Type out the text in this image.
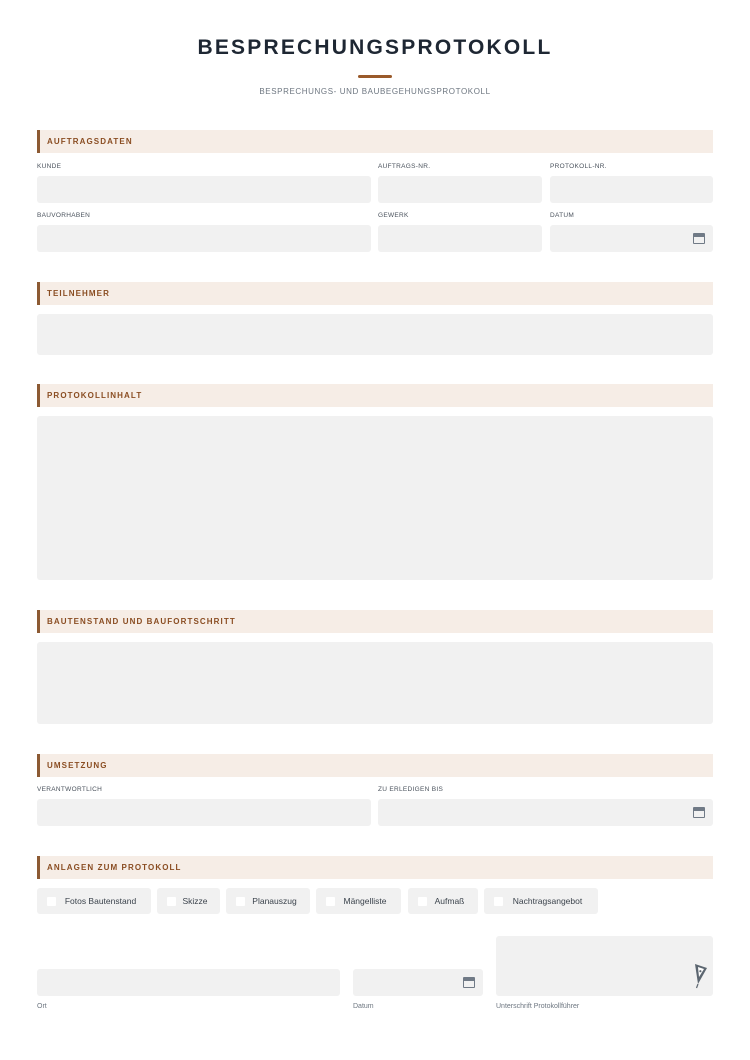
BESPRECHUNGSPROTOKOLL
BESPRECHUNGS- UND BAUBEGEHUNGSPROTOKOLL
AUFTRAGSDATEN
KUNDE	AUFTRAGS-NR.	PROTOKOLL-NR.
BAUVORHABEN	GEWERK	DATUM
TEILNEHMER
PROTOKOLLINHALT
BAUTENSTAND UND BAUFORTSCHRITT
UMSETZUNG
VERANTWORTLICH	ZU ERLEDIGEN BIS
ANLAGEN ZUM PROTOKOLL
Fotos Bautenstand	Skizze	Planauszug	Mängelliste	Aufmaß	Nachtragsangebot
Ort	Datum	Unterschrift Protokollführer
